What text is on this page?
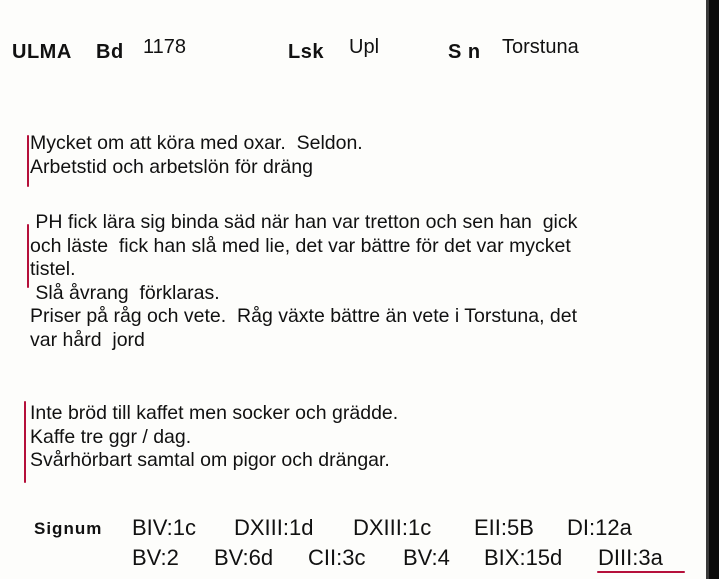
ULMA Bd 1178	Lsk Upl	S n Torstuna
Mycket om att köra med oxar.  Seldon.
Arbetstid och arbetslön för dräng
PH fick lära sig binda säd när han var tretton och sen han  gick
och läste  fick han slå med lie, det var bättre för det var mycket
tistel.
Slå åvrang  förklaras.
Priser på råg och vete.  Råg växte bättre än vete i Torstuna, det
var hård  jord
Inte bröd till kaffet men socker och grädde.
Kaffe tre ggr / dag.
Svårhörbart samtal om pigor och drängar.
Signum BIV:1c DXIII:1d DXIII:1c EII:5B DI:12a
BV:2 BV:6d CII:3c BV:4 BIX:15d DIII:3a
